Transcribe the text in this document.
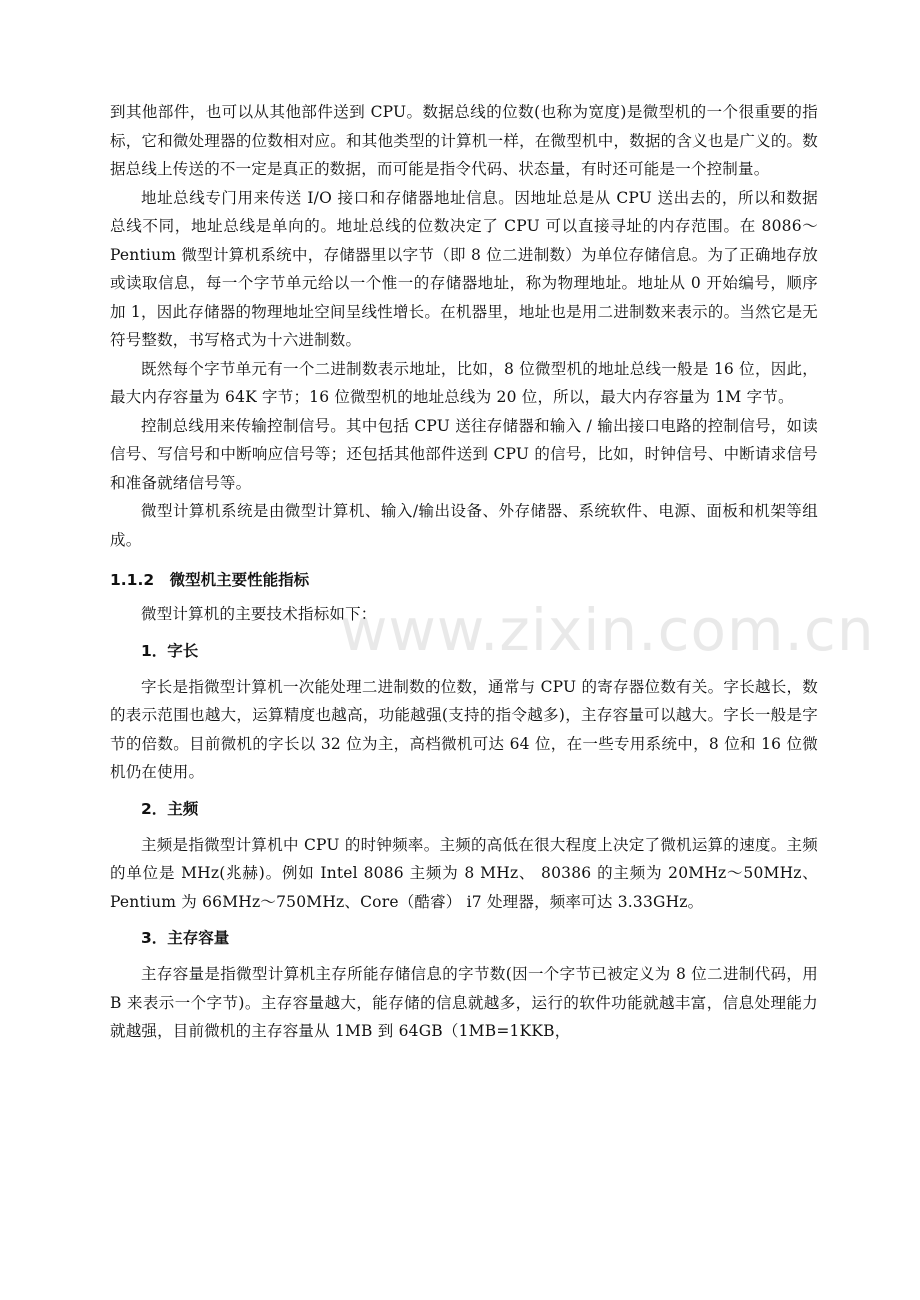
到其他部件，也可以从其他部件送到 CPU。数据总线的位数(也称为宽度)是微型机的一个很重要的指标，它和微处理器的位数相对应。和其他类型的计算机一样，在微型机中，数据的含义也是广义的。数据总线上传送的不一定是真正的数据，而可能是指令代码、状态量，有时还可能是一个控制量。

地址总线专门用来传送 I/O 接口和存储器地址信息。因地址总是从 CPU 送出去的，所以和数据总线不同，地址总线是单向的。地址总线的位数决定了 CPU 可以直接寻址的内存范围。在 8086～Pentium 微型计算机系统中，存储器里以字节（即 8 位二进制数）为单位存储信息。为了正确地存放或读取信息，每一个字节单元给以一个惟一的存储器地址，称为物理地址。地址从 0 开始编号，顺序加 1，因此存储器的物理地址空间呈线性增长。在机器里，地址也是用二进制数来表示的。当然它是无符号整数，书写格式为十六进制数。

既然每个字节单元有一个二进制数表示地址，比如，8 位微型机的地址总线一般是 16 位，因此，最大内存容量为 64K 字节；16 位微型机的地址总线为 20 位，所以，最大内存容量为 1M 字节。

控制总线用来传输控制信号。其中包括 CPU 送往存储器和输入 / 输出接口电路的控制信号，如读信号、写信号和中断响应信号等；还包括其他部件送到 CPU 的信号，比如，时钟信号、中断请求信号和准备就绪信号等。

微型计算机系统是由微型计算机、输入/输出设备、外存储器、系统软件、电源、面板和机架等组成。

1.1.2　微型机主要性能指标

微型计算机的主要技术指标如下：

1．字长

字长是指微型计算机一次能处理二进制数的位数，通常与 CPU 的寄存器位数有关。字长越长，数的表示范围也越大，运算精度也越高，功能越强(支持的指令越多)，主存容量可以越大。字长一般是字节的倍数。目前微机的字长以 32 位为主，高档微机可达 64 位，在一些专用系统中，8 位和 16 位微机仍在使用。

2．主频

主频是指微型计算机中 CPU 的时钟频率。主频的高低在很大程度上决定了微机运算的速度。主频的单位是 MHz(兆赫)。例如 Intel 8086 主频为 8 MHz、 80386 的主频为 20MHz～50MHz、Pentium 为 66MHz～750MHz、Core（酷睿） i7 处理器，频率可达 3.33GHz。

3．主存容量

主存容量是指微型计算机主存所能存储信息的字节数(因一个字节已被定义为 8 位二进制代码，用 B 来表示一个字节)。主存容量越大，能存储的信息就越多，运行的软件功能就越丰富，信息处理能力就越强，目前微机的主存容量从 1MB 到 64GB（1MB=1KKB，

www.zixin.com.cn
